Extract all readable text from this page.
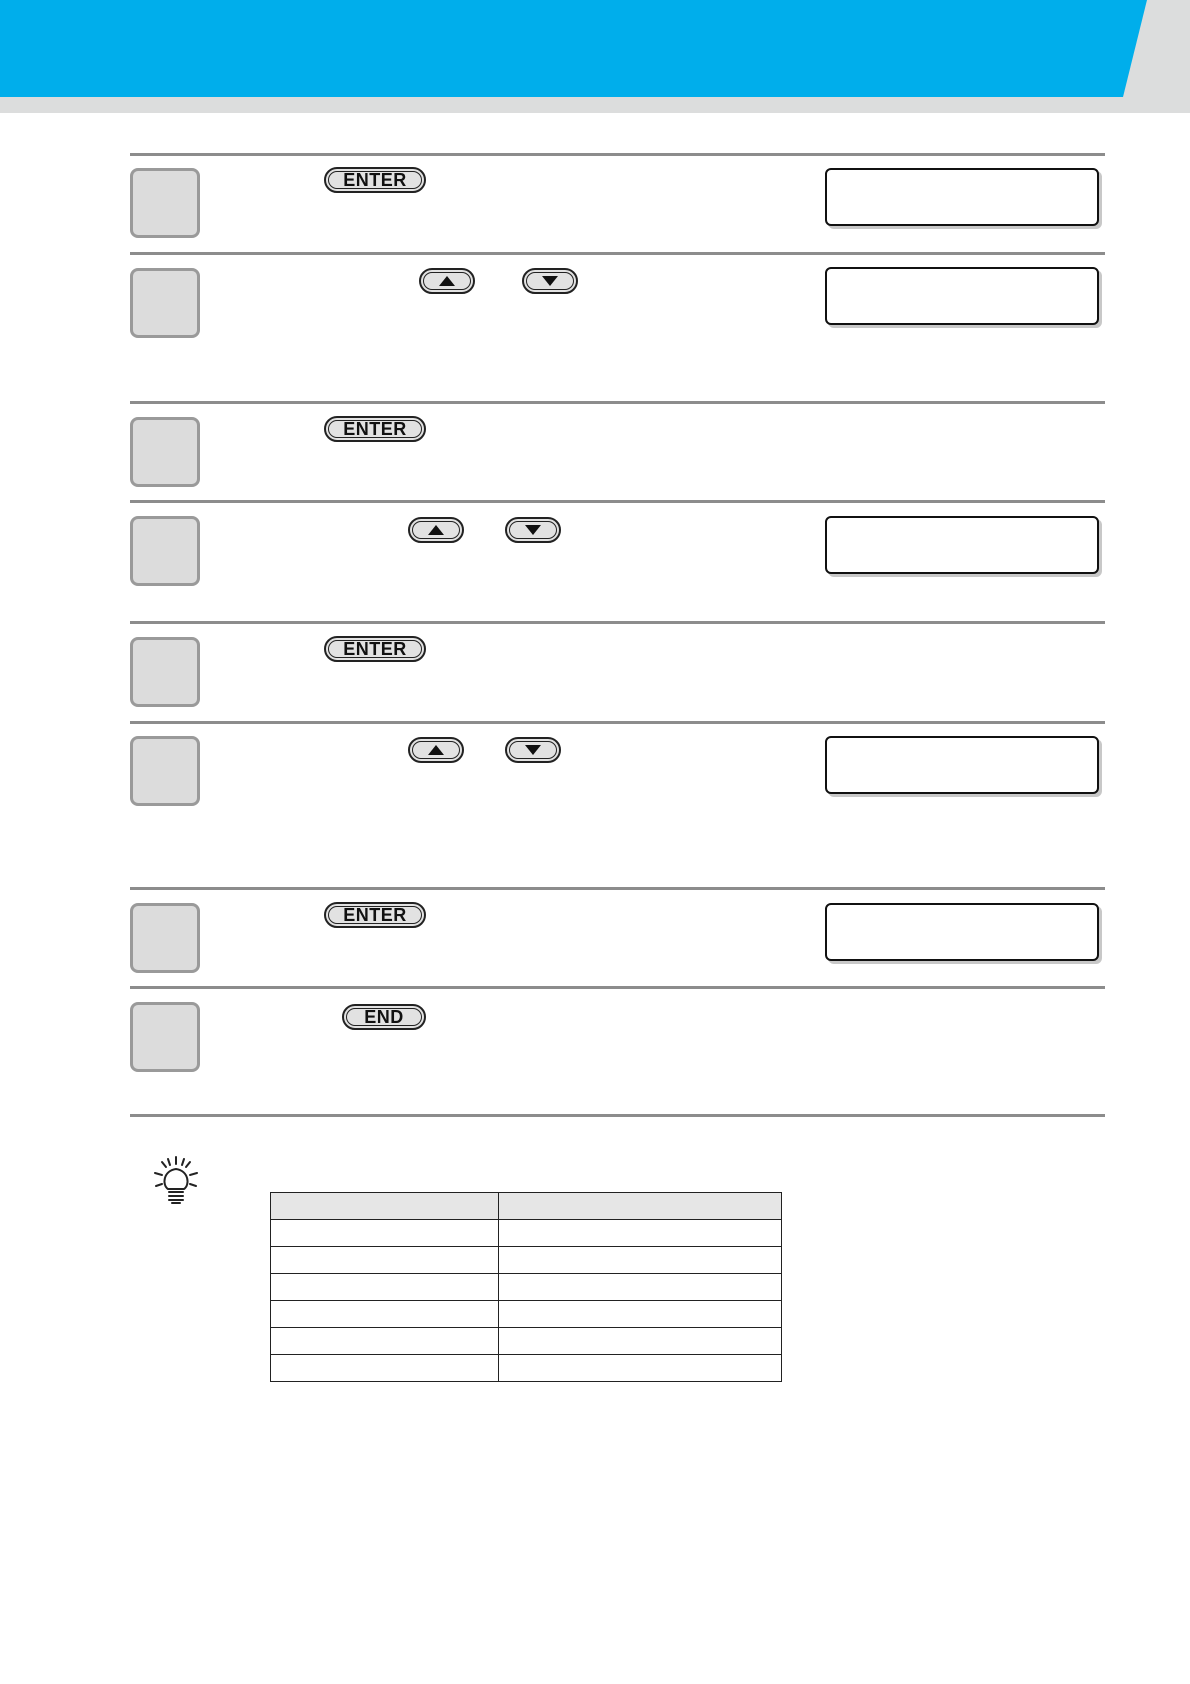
ENTER
ENTER
ENTER
ENTER
END
